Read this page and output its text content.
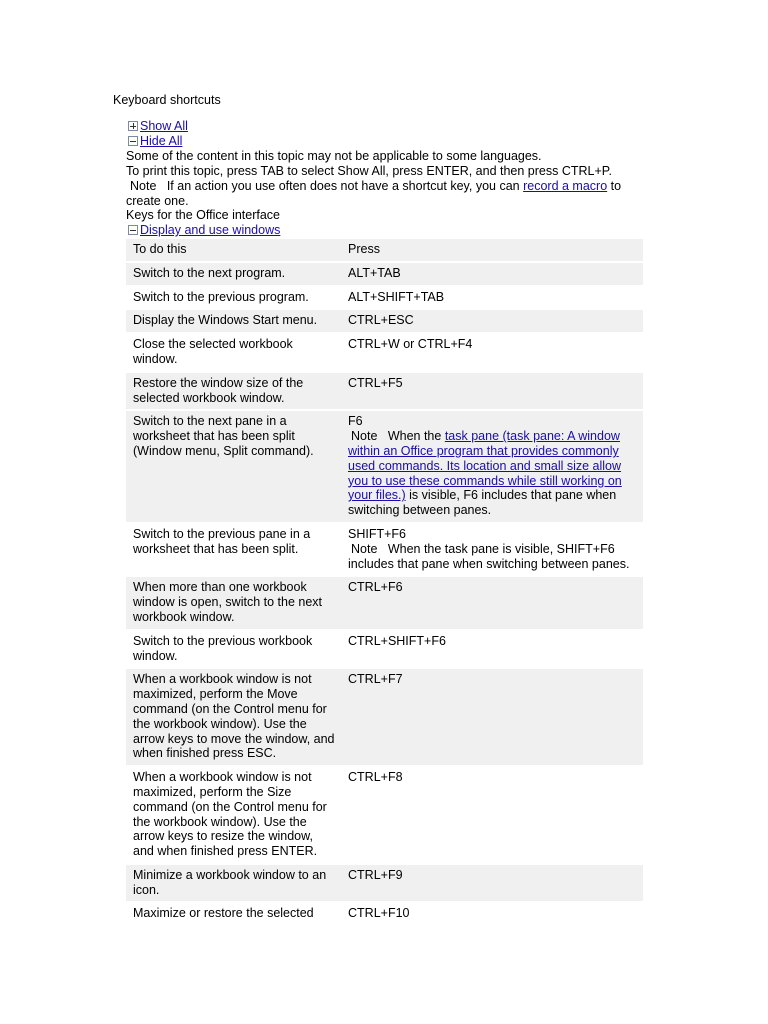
Keyboard shortcuts
Show All
Hide All
Some of the content in this topic may not be applicable to some languages.
To print this topic, press TAB to select Show All, press ENTER, and then press CTRL+P.
Note If an action you use often does not have a shortcut key, you can record a macro to create one.
Keys for the Office interface
Display and use windows
To do this	Press
Switch to the next program.	ALT+TAB

Switch to the previous program.	ALT+SHIFT+TAB

Display the Windows Start menu.	CTRL+ESC

Close the selected workbook window.	CTRL+W or CTRL+F4

Restore the window size of the selected workbook window.	CTRL+F5

Switch to the next pane in a worksheet that has been split (Window menu, Split command).	F6
Note When the task pane (task pane: A window within an Office program that provides commonly used commands. Its location and small size allow you to use these commands while still working on your files.) is visible, F6 includes that pane when switching between panes.

Switch to the previous pane in a worksheet that has been split.	SHIFT+F6
Note When the task pane is visible, SHIFT+F6 includes that pane when switching between panes.

When more than one workbook window is open, switch to the next workbook window.	CTRL+F6

Switch to the previous workbook window.	CTRL+SHIFT+F6

When a workbook window is not maximized, perform the Move command (on the Control menu for the workbook window). Use the arrow keys to move the window, and when finished press ESC.	CTRL+F7

When a workbook window is not maximized, perform the Size command (on the Control menu for the workbook window). Use the arrow keys to resize the window, and when finished press ENTER.	CTRL+F8

Minimize a workbook window to an icon.	CTRL+F9

Maximize or restore the selected	CTRL+F10
